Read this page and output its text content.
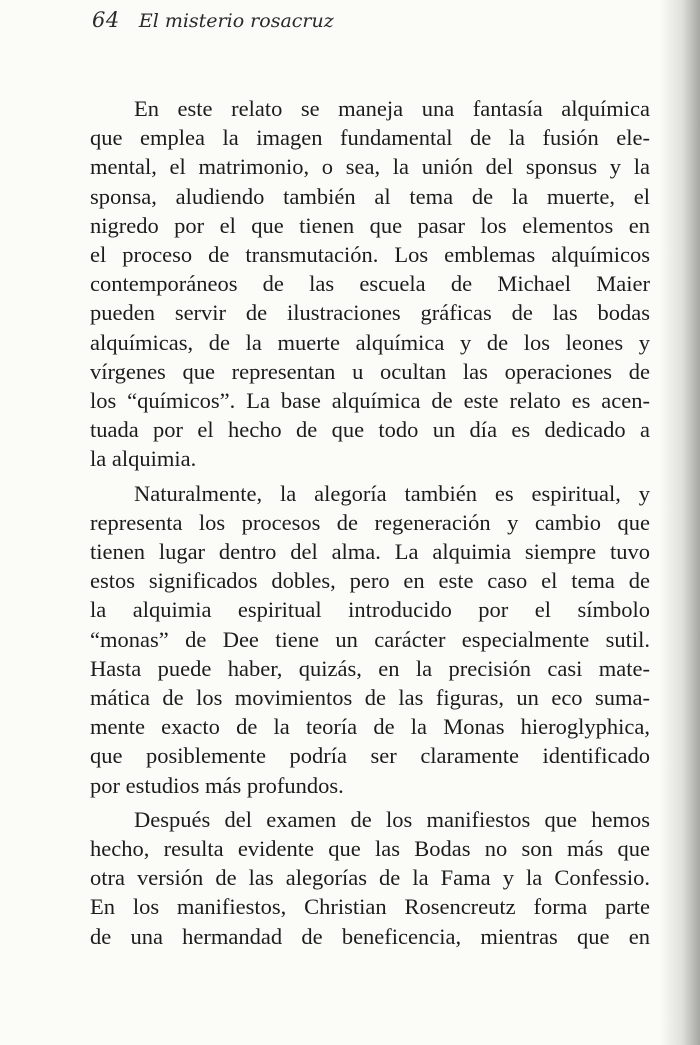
64 El misterio rosacruz
En este relato se maneja una fantasía alquímica
que emplea la imagen fundamental de la fusión ele-
mental, el matrimonio, o sea, la unión del sponsus y la
sponsa, aludiendo también al tema de la muerte, el
nigredo por el que tienen que pasar los elementos en
el proceso de transmutación. Los emblemas alquímicos
contemporáneos de las escuela de Michael Maier
pueden servir de ilustraciones gráficas de las bodas
alquímicas, de la muerte alquímica y de los leones y
vírgenes que representan u ocultan las operaciones de
los “químicos”. La base alquímica de este relato es acen-
tuada por el hecho de que todo un día es dedicado a
la alquimia.
Naturalmente, la alegoría también es espiritual, y
representa los procesos de regeneración y cambio que
tienen lugar dentro del alma. La alquimia siempre tuvo
estos significados dobles, pero en este caso el tema de
la alquimia espiritual introducido por el símbolo
“monas” de Dee tiene un carácter especialmente sutil.
Hasta puede haber, quizás, en la precisión casi mate-
mática de los movimientos de las figuras, un eco suma-
mente exacto de la teoría de la Monas hieroglyphica,
que posiblemente podría ser claramente identificado
por estudios más profundos.
Después del examen de los manifiestos que hemos
hecho, resulta evidente que las Bodas no son más que
otra versión de las alegorías de la Fama y la Confessio.
En los manifiestos, Christian Rosencreutz forma parte
de una hermandad de beneficencia, mientras que en
